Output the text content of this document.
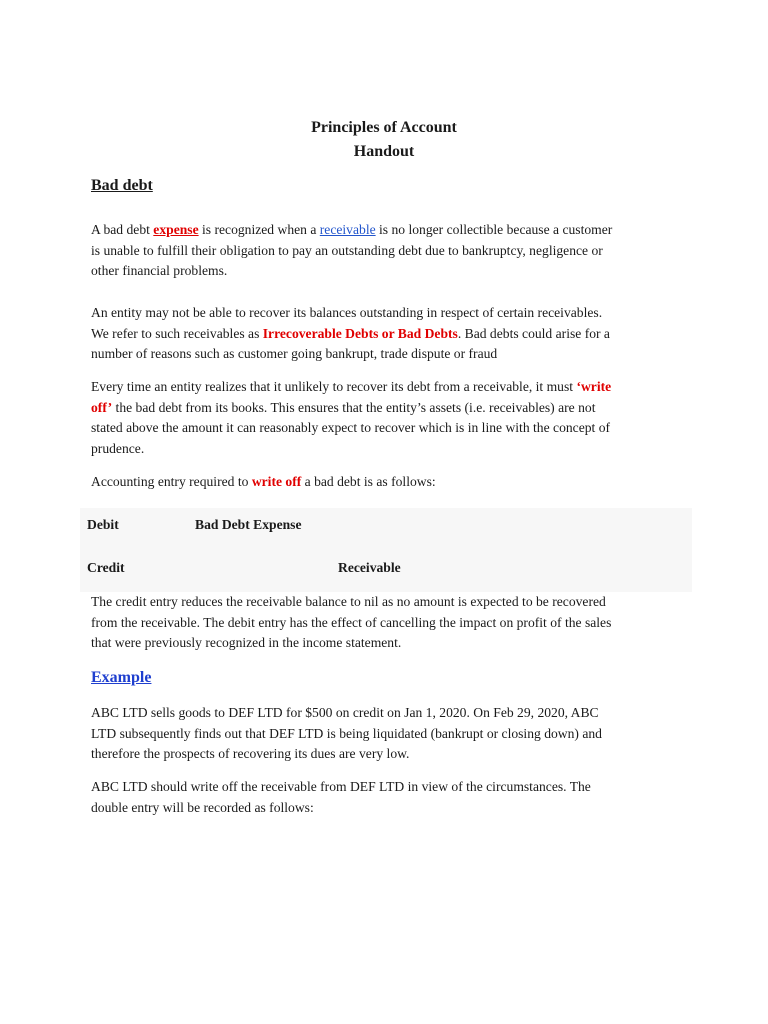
Principles of Account
Handout
Bad debt
A bad debt expense is recognized when a receivable is no longer collectible because a customer
is unable to fulfill their obligation to pay an outstanding debt due to bankruptcy, negligence or
other financial problems.
An entity may not be able to recover its balances outstanding in respect of certain receivables.
We refer to such receivables as Irrecoverable Debts or Bad Debts. Bad debts could arise for a
number of reasons such as customer going bankrupt, trade dispute or fraud
Every time an entity realizes that it unlikely to recover its debt from a receivable, it must ‘write
off’ the bad debt from its books. This ensures that the entity’s assets (i.e. receivables) are not
stated above the amount it can reasonably expect to recover which is in line with the concept of
prudence.
Accounting entry required to write off a bad debt is as follows:
Debit	Bad Debt Expense
Credit	Receivable
The credit entry reduces the receivable balance to nil as no amount is expected to be recovered
from the receivable. The debit entry has the effect of cancelling the impact on profit of the sales
that were previously recognized in the income statement.
Example
ABC LTD sells goods to DEF LTD for $500 on credit on Jan 1, 2020. On Feb 29, 2020, ABC
LTD subsequently finds out that DEF LTD is being liquidated (bankrupt or closing down) and
therefore the prospects of recovering its dues are very low.
ABC LTD should write off the receivable from DEF LTD in view of the circumstances. The
double entry will be recorded as follows:
